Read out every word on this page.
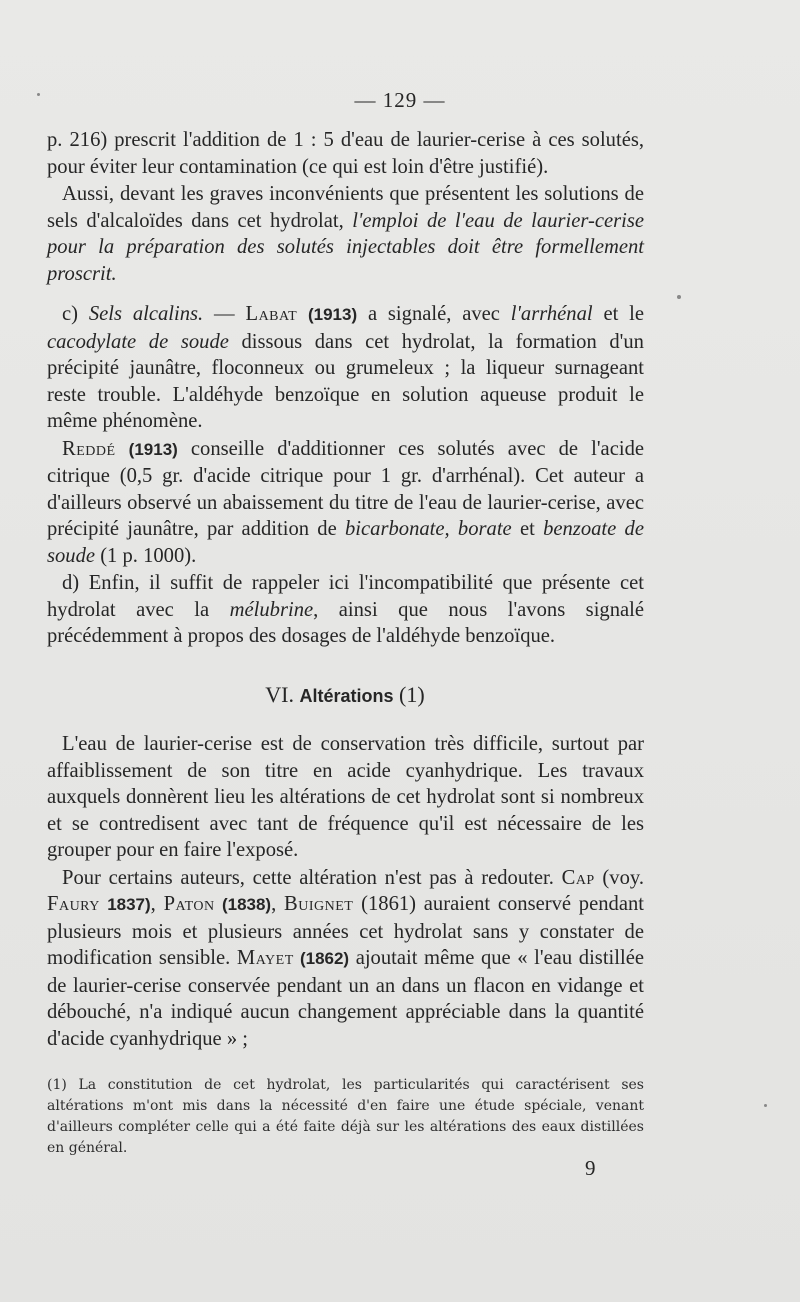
— 129 —

p. 216) prescrit l'addition de 1 : 5 d'eau de laurier-cerise à ces solutés, pour éviter leur contamination (ce qui est loin d'être justifié).

Aussi, devant les graves inconvénients que présentent les solutions de sels d'alcaloïdes dans cet hydrolat, l'emploi de l'eau de laurier-cerise pour la préparation des solutés injectables doit être formellement proscrit.

c) Sels alcalins. — Labat (1913) a signalé, avec l'arrhénal et le cacodylate de soude dissous dans cet hydrolat, la formation d'un précipité jaunâtre, floconneux ou grumeleux ; la liqueur surnageant reste trouble. L'aldéhyde benzoïque en solution aqueuse produit le même phénomène.

Reddé (1913) conseille d'additionner ces solutés avec de l'acide citrique (0,5 gr. d'acide citrique pour 1 gr. d'arrhénal). Cet auteur a d'ailleurs observé un abaissement du titre de l'eau de laurier-cerise, avec précipité jaunâtre, par addition de bicarbonate, borate et benzoate de soude (1 p. 1000).

d) Enfin, il suffit de rappeler ici l'incompatibilité que présente cet hydrolat avec la mélubrine, ainsi que nous l'avons signalé précédemment à propos des dosages de l'aldéhyde benzoïque.

VI. Altérations (1)

L'eau de laurier-cerise est de conservation très difficile, surtout par affaiblissement de son titre en acide cyanhydrique. Les travaux auxquels donnèrent lieu les altérations de cet hydrolat sont si nombreux et se contredisent avec tant de fréquence qu'il est nécessaire de les grouper pour en faire l'exposé.

Pour certains auteurs, cette altération n'est pas à redouter. Cap (voy. Faury 1837), Paton (1838), Buignet (1861) auraient conservé pendant plusieurs mois et plusieurs années cet hydrolat sans y constater de modification sensible. Mayet (1862) ajoutait même que « l'eau distillée de laurier-cerise conservée pendant un an dans un flacon en vidange et débouché, n'a indiqué aucun changement appréciable dans la quantité d'acide cyanhydrique » ;

(1) La constitution de cet hydrolat, les particularités qui caractérisent ses altérations m'ont mis dans la nécessité d'en faire une étude spéciale, venant d'ailleurs compléter celle qui a été faite déjà sur les altérations des eaux distillées en général.
9
